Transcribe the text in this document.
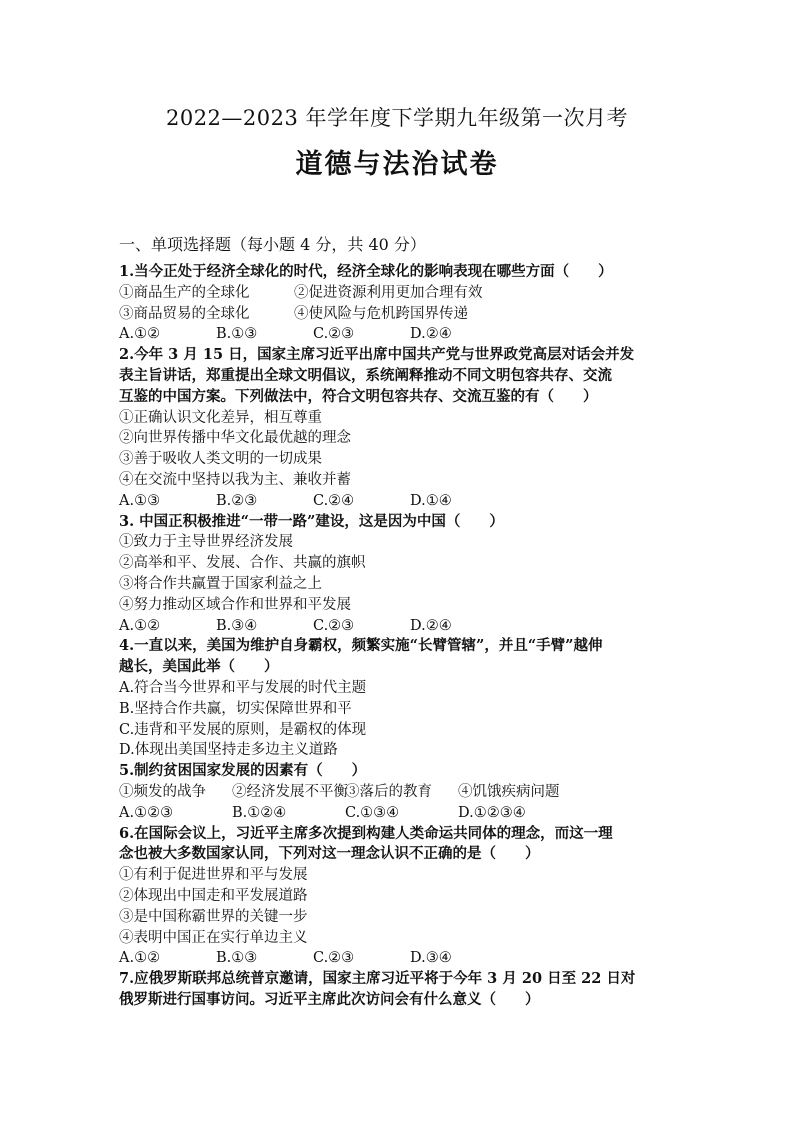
2022—2023 年学年度下学期九年级第一次月考
道德与法治试卷
一、单项选择题（每小题 4 分，共 40 分）
1.当今正处于经济全球化的时代，经济全球化的影响表现在哪些方面（　　）
①商品生产的全球化	②促进资源利用更加合理有效
③商品贸易的全球化	④使风险与危机跨国界传递
A.①②	B.①③	C.②③	D.②④
2.今年 3 月 15 日，国家主席习近平出席中国共产党与世界政党高层对话会并发
表主旨讲话，郑重提出全球文明倡议，系统阐释推动不同文明包容共存、交流
互鉴的中国方案。下列做法中，符合文明包容共存、交流互鉴的有（　　）
①正确认识文化差异，相互尊重
②向世界传播中华文化最优越的理念
③善于吸收人类文明的一切成果
④在交流中坚持以我为主、兼收并蓄
A.①③	B.②③	C.②④	D.①④
3. 中国正积极推进“一带一路”建设，这是因为中国（　　）
①致力于主导世界经济发展
②高举和平、发展、合作、共赢的旗帜
③将合作共赢置于国家利益之上
④努力推动区域合作和世界和平发展
A.①②	B.③④	C.②③	D.②④
4.一直以来，美国为维护自身霸权，频繁实施“长臂管辖”，并且“手臂”越伸
越长，美国此举（　　）
A.符合当今世界和平与发展的时代主题
B.坚持合作共赢，切实保障世界和平
C.违背和平发展的原则，是霸权的体现
D.体现出美国坚持走多边主义道路
5.制约贫困国家发展的因素有（　　）
①频发的战争	②经济发展不平衡
③落后的教育	④饥饿疾病问题
A.①②③	B.①②④	C.①③④	D.①②③④
6.在国际会议上，习近平主席多次提到构建人类命运共同体的理念，而这一理
念也被大多数国家认同，下列对这一理念认识不正确的是（　　）
①有利于促进世界和平与发展
②体现出中国走和平发展道路
③是中国称霸世界的关键一步
④表明中国正在实行单边主义
A.①②	B.①③	C.②③	D.③④
7.应俄罗斯联邦总统普京邀请，国家主席习近平将于今年 3 月 20 日至 22 日对
俄罗斯进行国事访问。习近平主席此次访问会有什么意义（　　）
